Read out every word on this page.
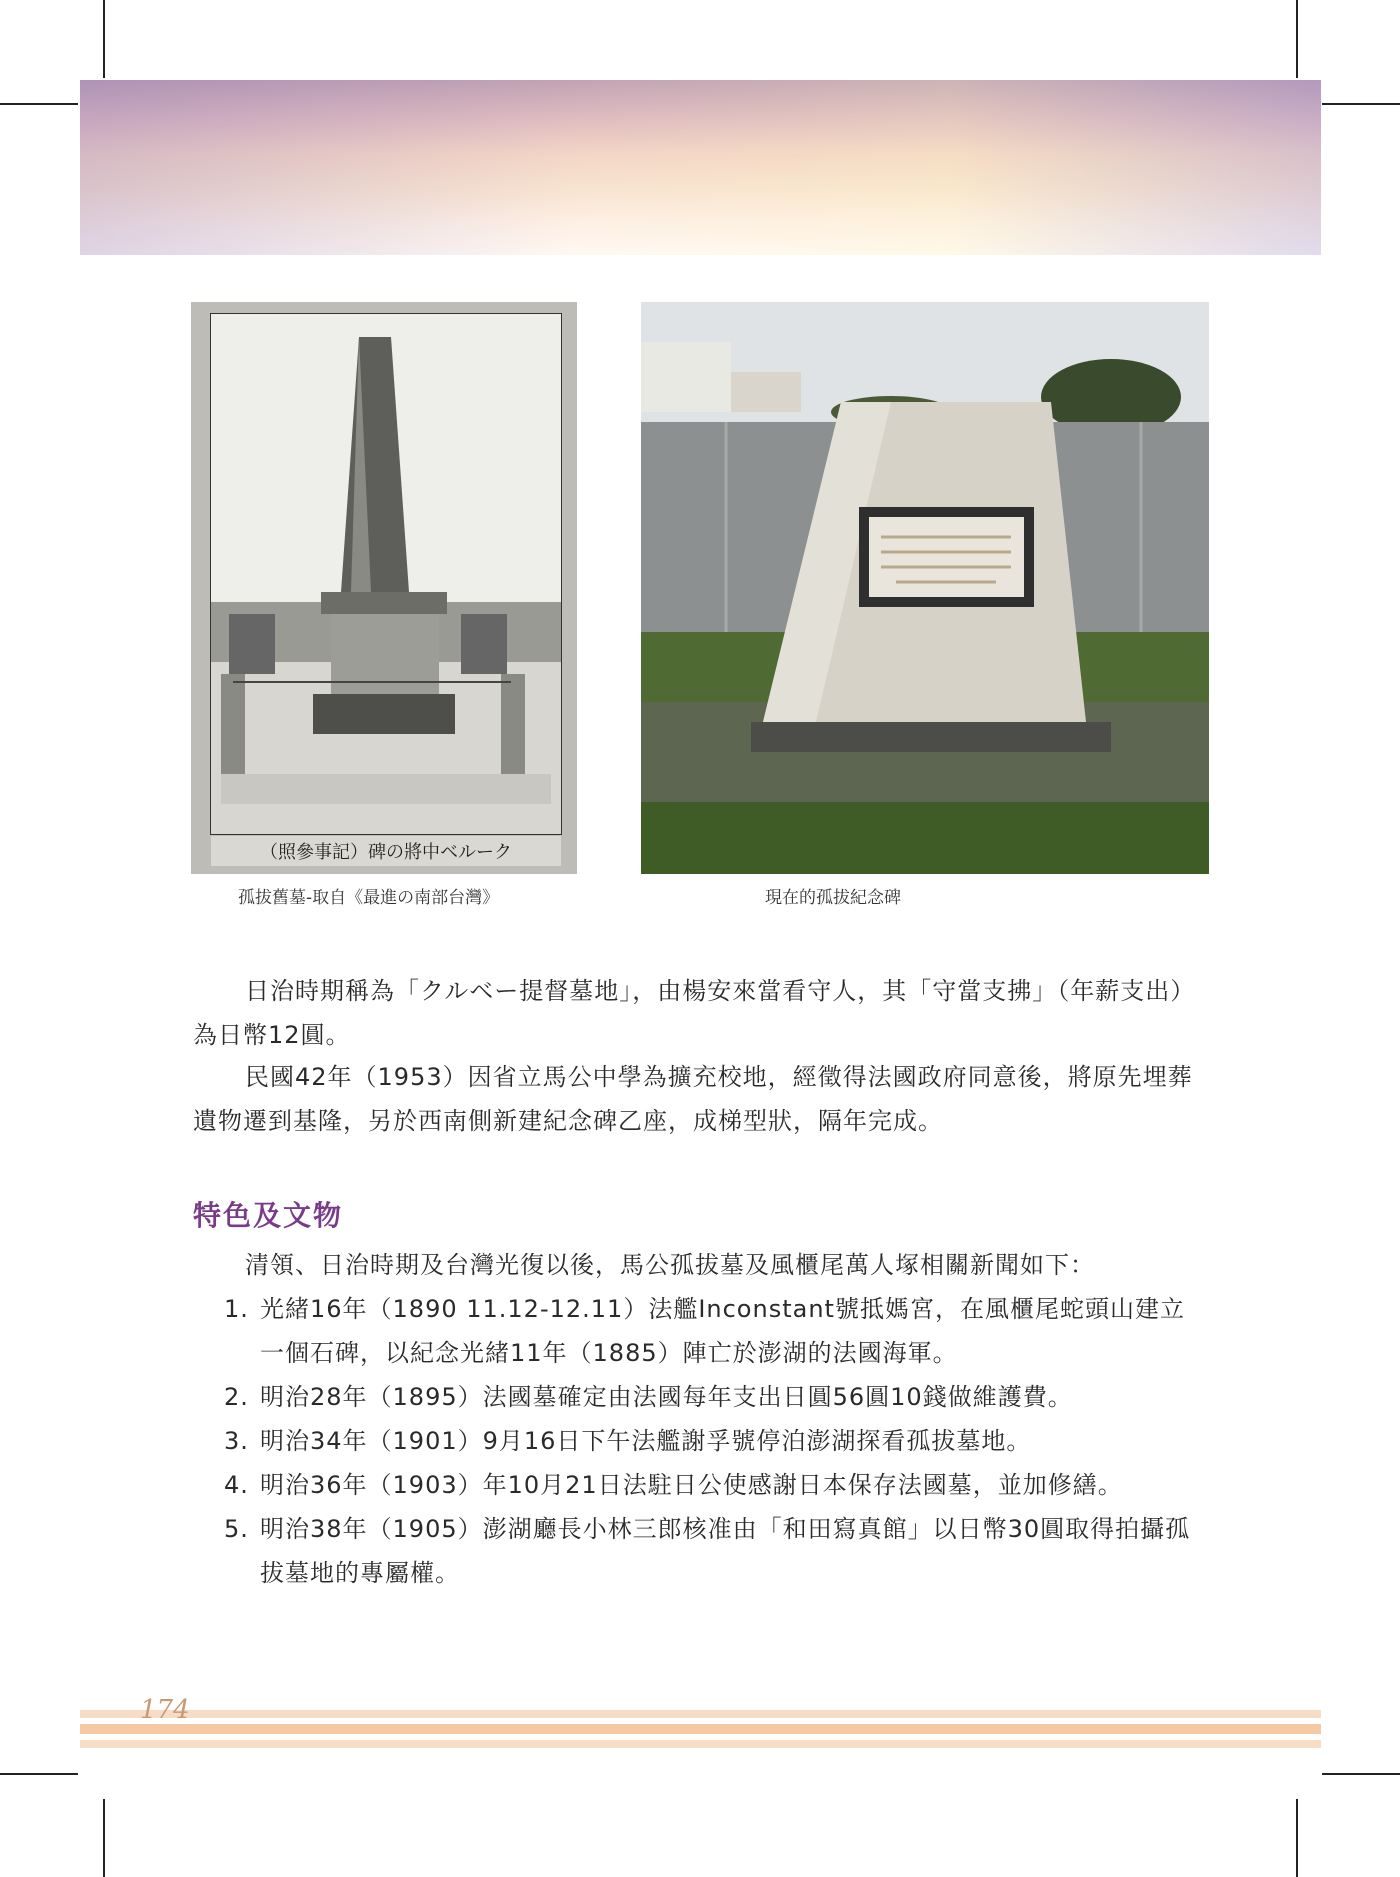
（照參事記）碑の將中ベルーク
孤拔舊墓-取自《最進の南部台灣》	現在的孤拔紀念碑

日治時期稱為「クルベー提督墓地」，由楊安來當看守人，其「守當支拂」（年薪支出）為日幣12圓。

民國42年（1953）因省立馬公中學為擴充校地，經徵得法國政府同意後，將原先埋葬遺物遷到基隆，另於西南側新建紀念碑乙座，成梯型狀，隔年完成。

特色及文物

清領、日治時期及台灣光復以後，馬公孤拔墓及風櫃尾萬人塚相關新聞如下：

1. 光緒16年（1890 11.12-12.11）法艦Inconstant號抵媽宮，在風櫃尾蛇頭山建立一個石碑，以紀念光緒11年（1885）陣亡於澎湖的法國海軍。
2. 明治28年（1895）法國墓確定由法國每年支出日圓56圓10錢做維護費。
3. 明治34年（1901）9月16日下午法艦謝孚號停泊澎湖探看孤拔墓地。
4. 明治36年（1903）年10月21日法駐日公使感謝日本保存法國墓，並加修繕。
5. 明治38年（1905）澎湖廳長小林三郎核准由「和田寫真館」以日幣30圓取得拍攝孤拔墓地的專屬權。
174
